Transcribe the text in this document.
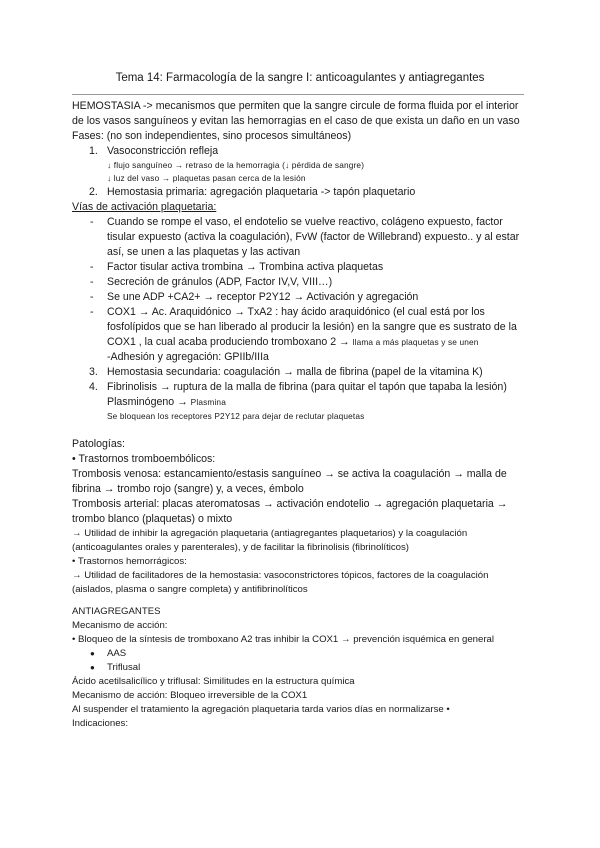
Tema 14: Farmacología de la sangre I: anticoagulantes y antiagregantes

HEMOSTASIA -> mecanismos que permiten que la sangre circule de forma fluida por el interior de los vasos sanguíneos y evitan las hemorragias en el caso de que exista un daño en un vaso

Fases: (no son independientes, sino procesos simultáneos)

1. Vasoconstricción refleja

↓ flujo sanguíneo → retraso de la hemorragia (↓ pérdida de sangre)

↓ luz del vaso → plaquetas pasan cerca de la lesión

2. Hemostasia primaria: agregación plaquetaria -> tapón plaquetario

Vías de activación plaquetaria:

- Cuando se rompe el vaso, el endotelio se vuelve reactivo, colágeno expuesto, factor tisular expuesto (activa la coagulación), FvW (factor de Willebrand) expuesto.. y al estar así, se unen a las plaquetas y las activan
- Factor tisular activa trombina → Trombina activa plaquetas
- Secreción de gránulos (ADP, Factor IV,V, VIII…)
- Se une ADP +CA2+ → receptor P2Y12 → Activación y agregación
- COX1 → Ac. Araquidónico → TxA2 : hay ácido araquidónico (el cual está por los fosfolípidos que se han liberado al producir la lesión) en la sangre que es sustrato de la COX1 , la cual acaba produciendo tromboxano 2 → llama a más plaquetas y se unen

-Adhesión y agregación: GPIIb/IIIa

3. Hemostasia secundaria: coagulación → malla de fibrina (papel de la vitamina K)
4. Fibrinolisis → ruptura de la malla de fibrina (para quitar el tapón que tapaba la lesión)

Plasminógeno → Plasmina

Se bloquean los receptores P2Y12 para dejar de reclutar plaquetas

Patologías:

• Trastornos tromboembólicos:

Trombosis venosa: estancamiento/estasis sanguíneo → se activa la coagulación → malla de fibrina → trombo rojo (sangre) y, a veces, émbolo

Trombosis arterial: placas ateromatosas → activación endotelio → agregación plaquetaria → trombo blanco (plaquetas) o mixto

→ Utilidad de inhibir la agregación plaquetaria (antiagregantes plaquetarios) y la coagulación (anticoagulantes orales y parenterales), y de facilitar la fibrinolisis (fibrinolíticos)

• Trastornos hemorrágicos:

→ Utilidad de facilitadores de la hemostasia: vasoconstrictores tópicos, factores de la coagulación (aislados, plasma o sangre completa) y antifibrinolíticos

ANTIAGREGANTES

Mecanismo de acción:

• Bloqueo de la síntesis de tromboxano A2 tras inhibir la COX1 → prevención isquémica en general

● AAS
● Triflusal

Ácido acetilsalicílico y triflusal: Similitudes en la estructura química

Mecanismo de acción: Bloqueo irreversible de la COX1

Al suspender el tratamiento la agregación plaquetaria tarda varios días en normalizarse •

Indicaciones:
